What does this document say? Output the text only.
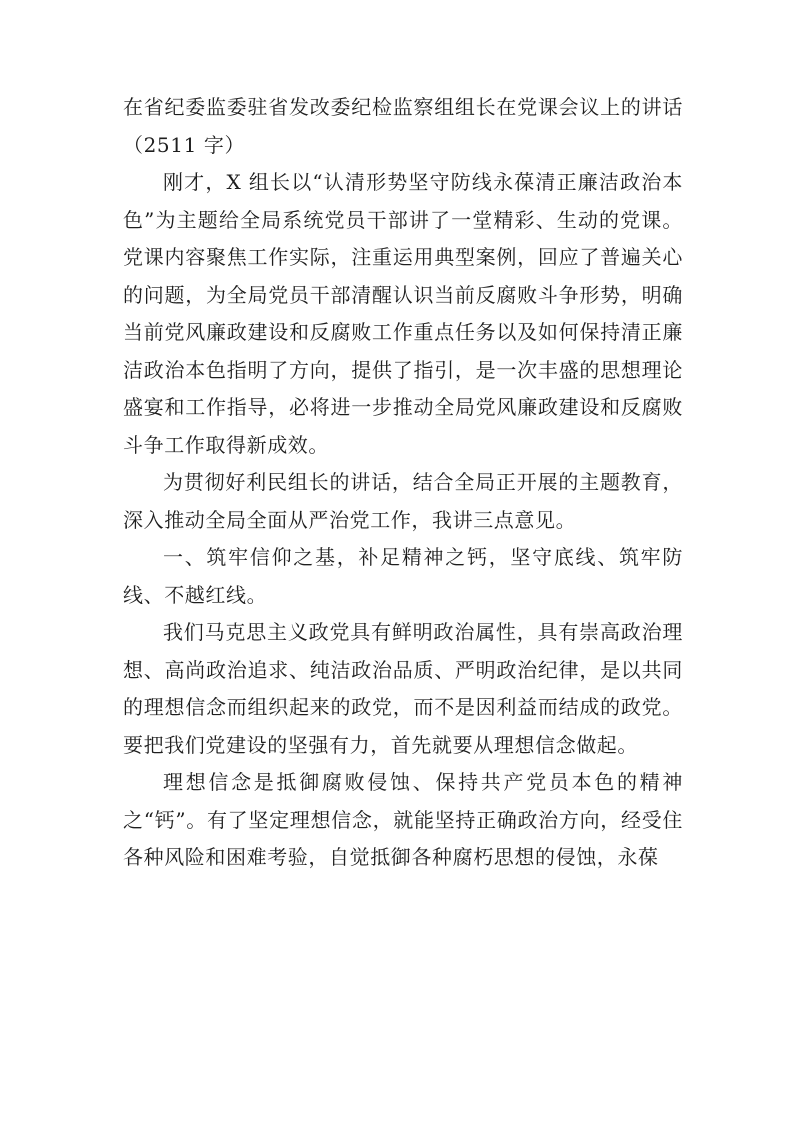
在省纪委监委驻省发改委纪检监察组组长在党课会议上的讲话（2511 字）

刚才，X 组长以“认清形势坚守防线永葆清正廉洁政治本色”为主题给全局系统党员干部讲了一堂精彩、生动的党课。党课内容聚焦工作实际，注重运用典型案例，回应了普遍关心的问题，为全局党员干部清醒认识当前反腐败斗争形势，明确当前党风廉政建设和反腐败工作重点任务以及如何保持清正廉洁政治本色指明了方向，提供了指引，是一次丰盛的思想理论盛宴和工作指导，必将进一步推动全局党风廉政建设和反腐败斗争工作取得新成效。

为贯彻好利民组长的讲话，结合全局正开展的主题教育，深入推动全局全面从严治党工作，我讲三点意见。

一、筑牢信仰之基，补足精神之钙，坚守底线、筑牢防线、不越红线。

我们马克思主义政党具有鲜明政治属性，具有崇高政治理想、高尚政治追求、纯洁政治品质、严明政治纪律，是以共同的理想信念而组织起来的政党，而不是因利益而结成的政党。要把我们党建设的坚强有力，首先就要从理想信念做起。

理想信念是抵御腐败侵蚀、保持共产党员本色的精神之“钙”。有了坚定理想信念，就能坚持正确政治方向，经受住各种风险和困难考验，自觉抵御各种腐朽思想的侵蚀，永葆
